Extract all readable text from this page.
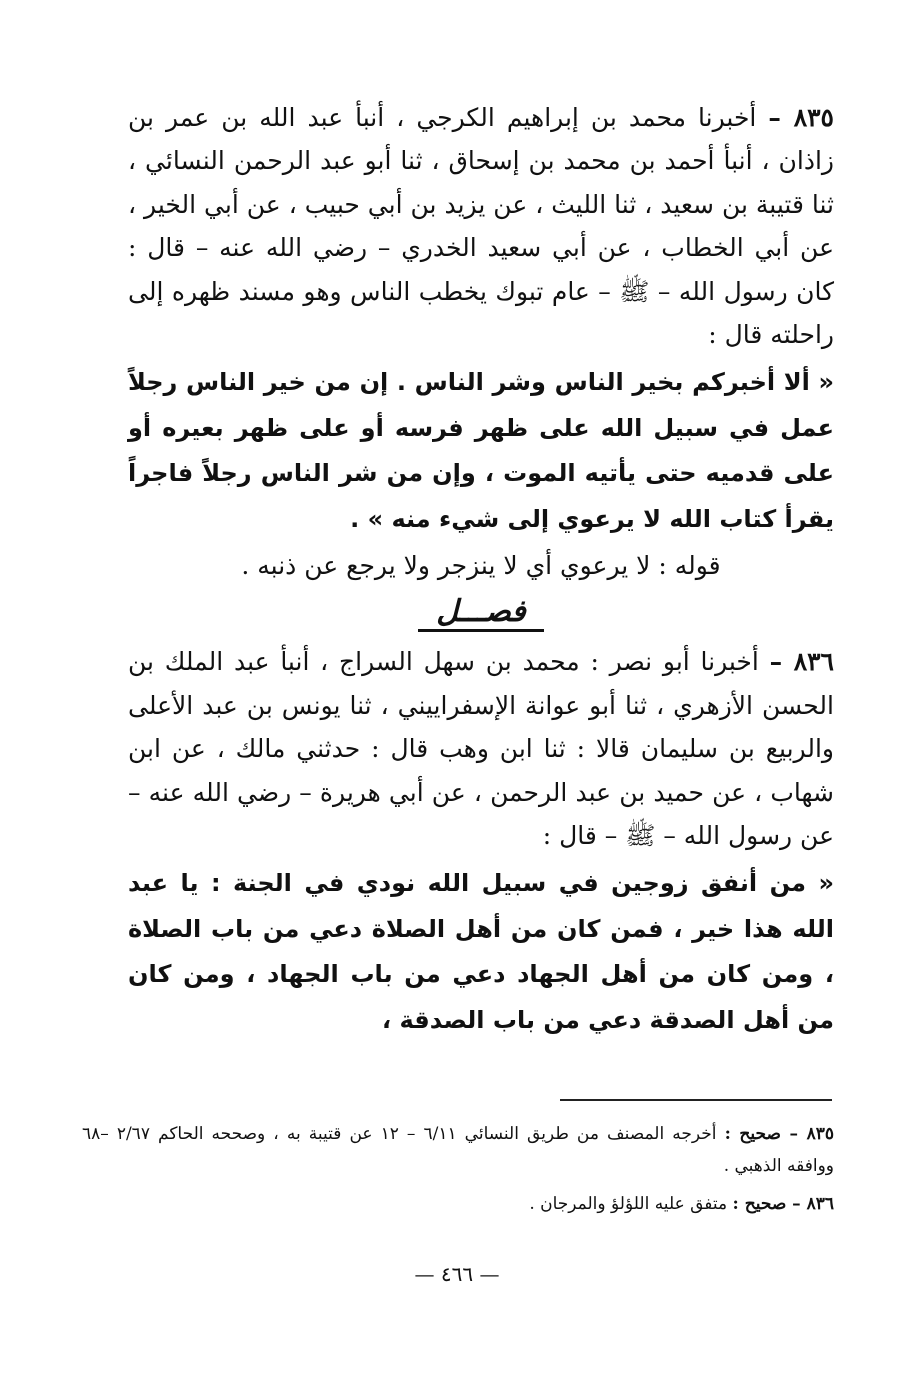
٨٣٥ – أخبرنا محمد بن إبراهيم الكرجي ، أنبأ عبد الله بن عمر بن زاذان ، أنبأ أحمد بن محمد بن إسحاق ، ثنا أبو عبد الرحمن النسائي ، ثنا قتيبة بن سعيد ، ثنا الليث ، عن يزيد بن أبي حبيب ، عن أبي الخير ، عن أبي الخطاب ، عن أبي سعيد الخدري – رضي الله عنه – قال : كان رسول الله – ﷺ – عام تبوك يخطب الناس وهو مسند ظهره إلى راحلته قال :

« ألا أخبركم بخير الناس وشر الناس . إن من خير الناس رجلاً عمل في سبيل الله على ظهر فرسه أو على ظهر بعيره أو على قدميه حتى يأتيه الموت ، وإن من شر الناس رجلاً فاجراً يقرأ كتاب الله لا يرعوي إلى شيء منه » .

قوله : لا يرعوي أي لا ينزجر ولا يرجع عن ذنبه .

فصـــل

٨٣٦ – أخبرنا أبو نصر : محمد بن سهل السراج ، أنبأ عبد الملك بن الحسن الأزهري ، ثنا أبو عوانة الإسفراييني ، ثنا يونس بن عبد الأعلى والربيع بن سليمان قالا : ثنا ابن وهب قال : حدثني مالك ، عن ابن شهاب ، عن حميد بن عبد الرحمن ، عن أبي هريرة – رضي الله عنه – عن رسول الله – ﷺ – قال :

« من أنفق زوجين في سبيل الله نودي في الجنة : يا عبد الله هذا خير ، فمن كان من أهل الصلاة دعي من باب الصلاة ، ومن كان من أهل الجهاد دعي من باب الجهاد ، ومن كان من أهل الصدقة دعي من باب الصدقة ،

٨٣٥ – صحيح : أخرجه المصنف من طريق النسائي ٦/١١ – ١٢ عن قتيبة به ، وصححه الحاكم ٢/٦٧ –٦٨ ووافقه الذهبي .

٨٣٦ – صحيح : متفق عليه اللؤلؤ والمرجان .

— ٤٦٦ —
